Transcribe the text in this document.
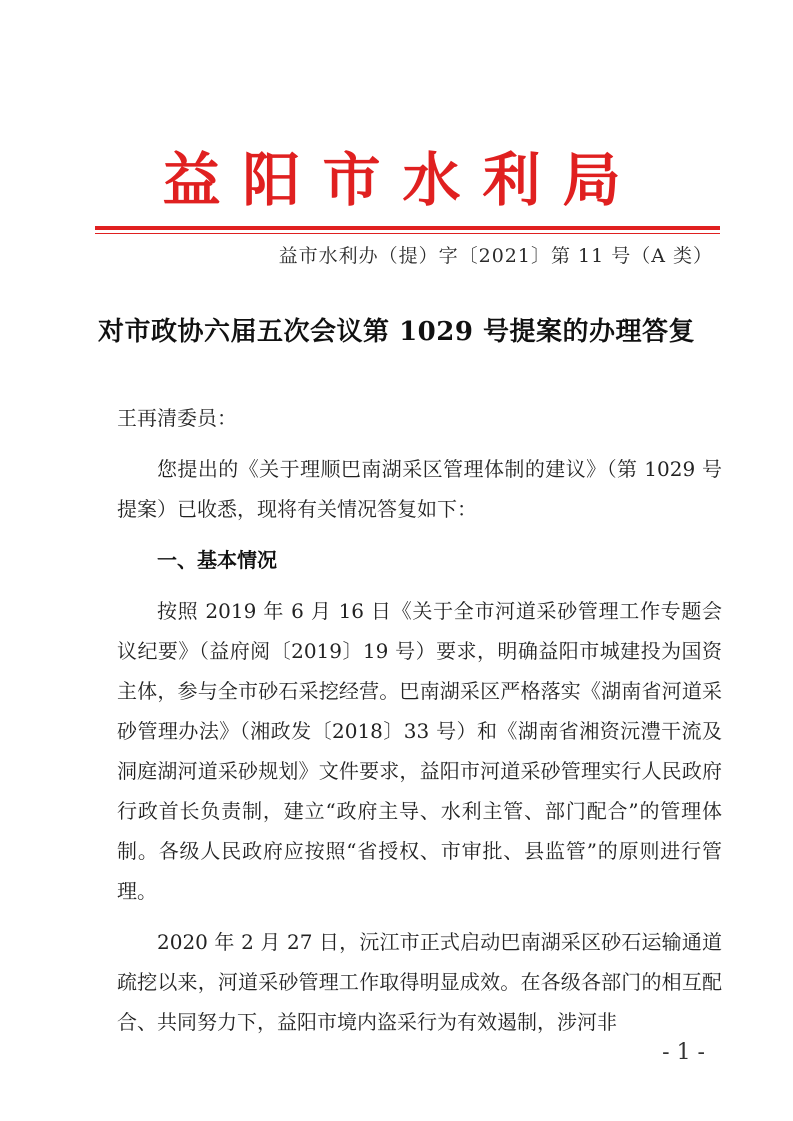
益阳市水利局
益市水利办（提）字〔2021〕第 11 号（A 类）
对市政协六届五次会议第 1029 号提案的办理答复

王再清委员：

您提出的《关于理顺巴南湖采区管理体制的建议》（第 1029 号提案）已收悉，现将有关情况答复如下：

一、基本情况

按照 2019 年 6 月 16 日《关于全市河道采砂管理工作专题会议纪要》（益府阅〔2019〕19 号）要求，明确益阳市城建投为国资主体，参与全市砂石采挖经营。巴南湖采区严格落实《湖南省河道采砂管理办法》（湘政发〔2018〕33 号）和《湖南省湘资沅澧干流及洞庭湖河道采砂规划》文件要求，益阳市河道采砂管理实行人民政府行政首长负责制，建立“政府主导、水利主管、部门配合”的管理体制。各级人民政府应按照“省授权、市审批、县监管”的原则进行管理。

2020 年 2 月 27 日，沅江市正式启动巴南湖采区砂石运输通道疏挖以来，河道采砂管理工作取得明显成效。在各级各部门的相互配合、共同努力下，益阳市境内盗采行为有效遏制，涉河非

- 1 -
